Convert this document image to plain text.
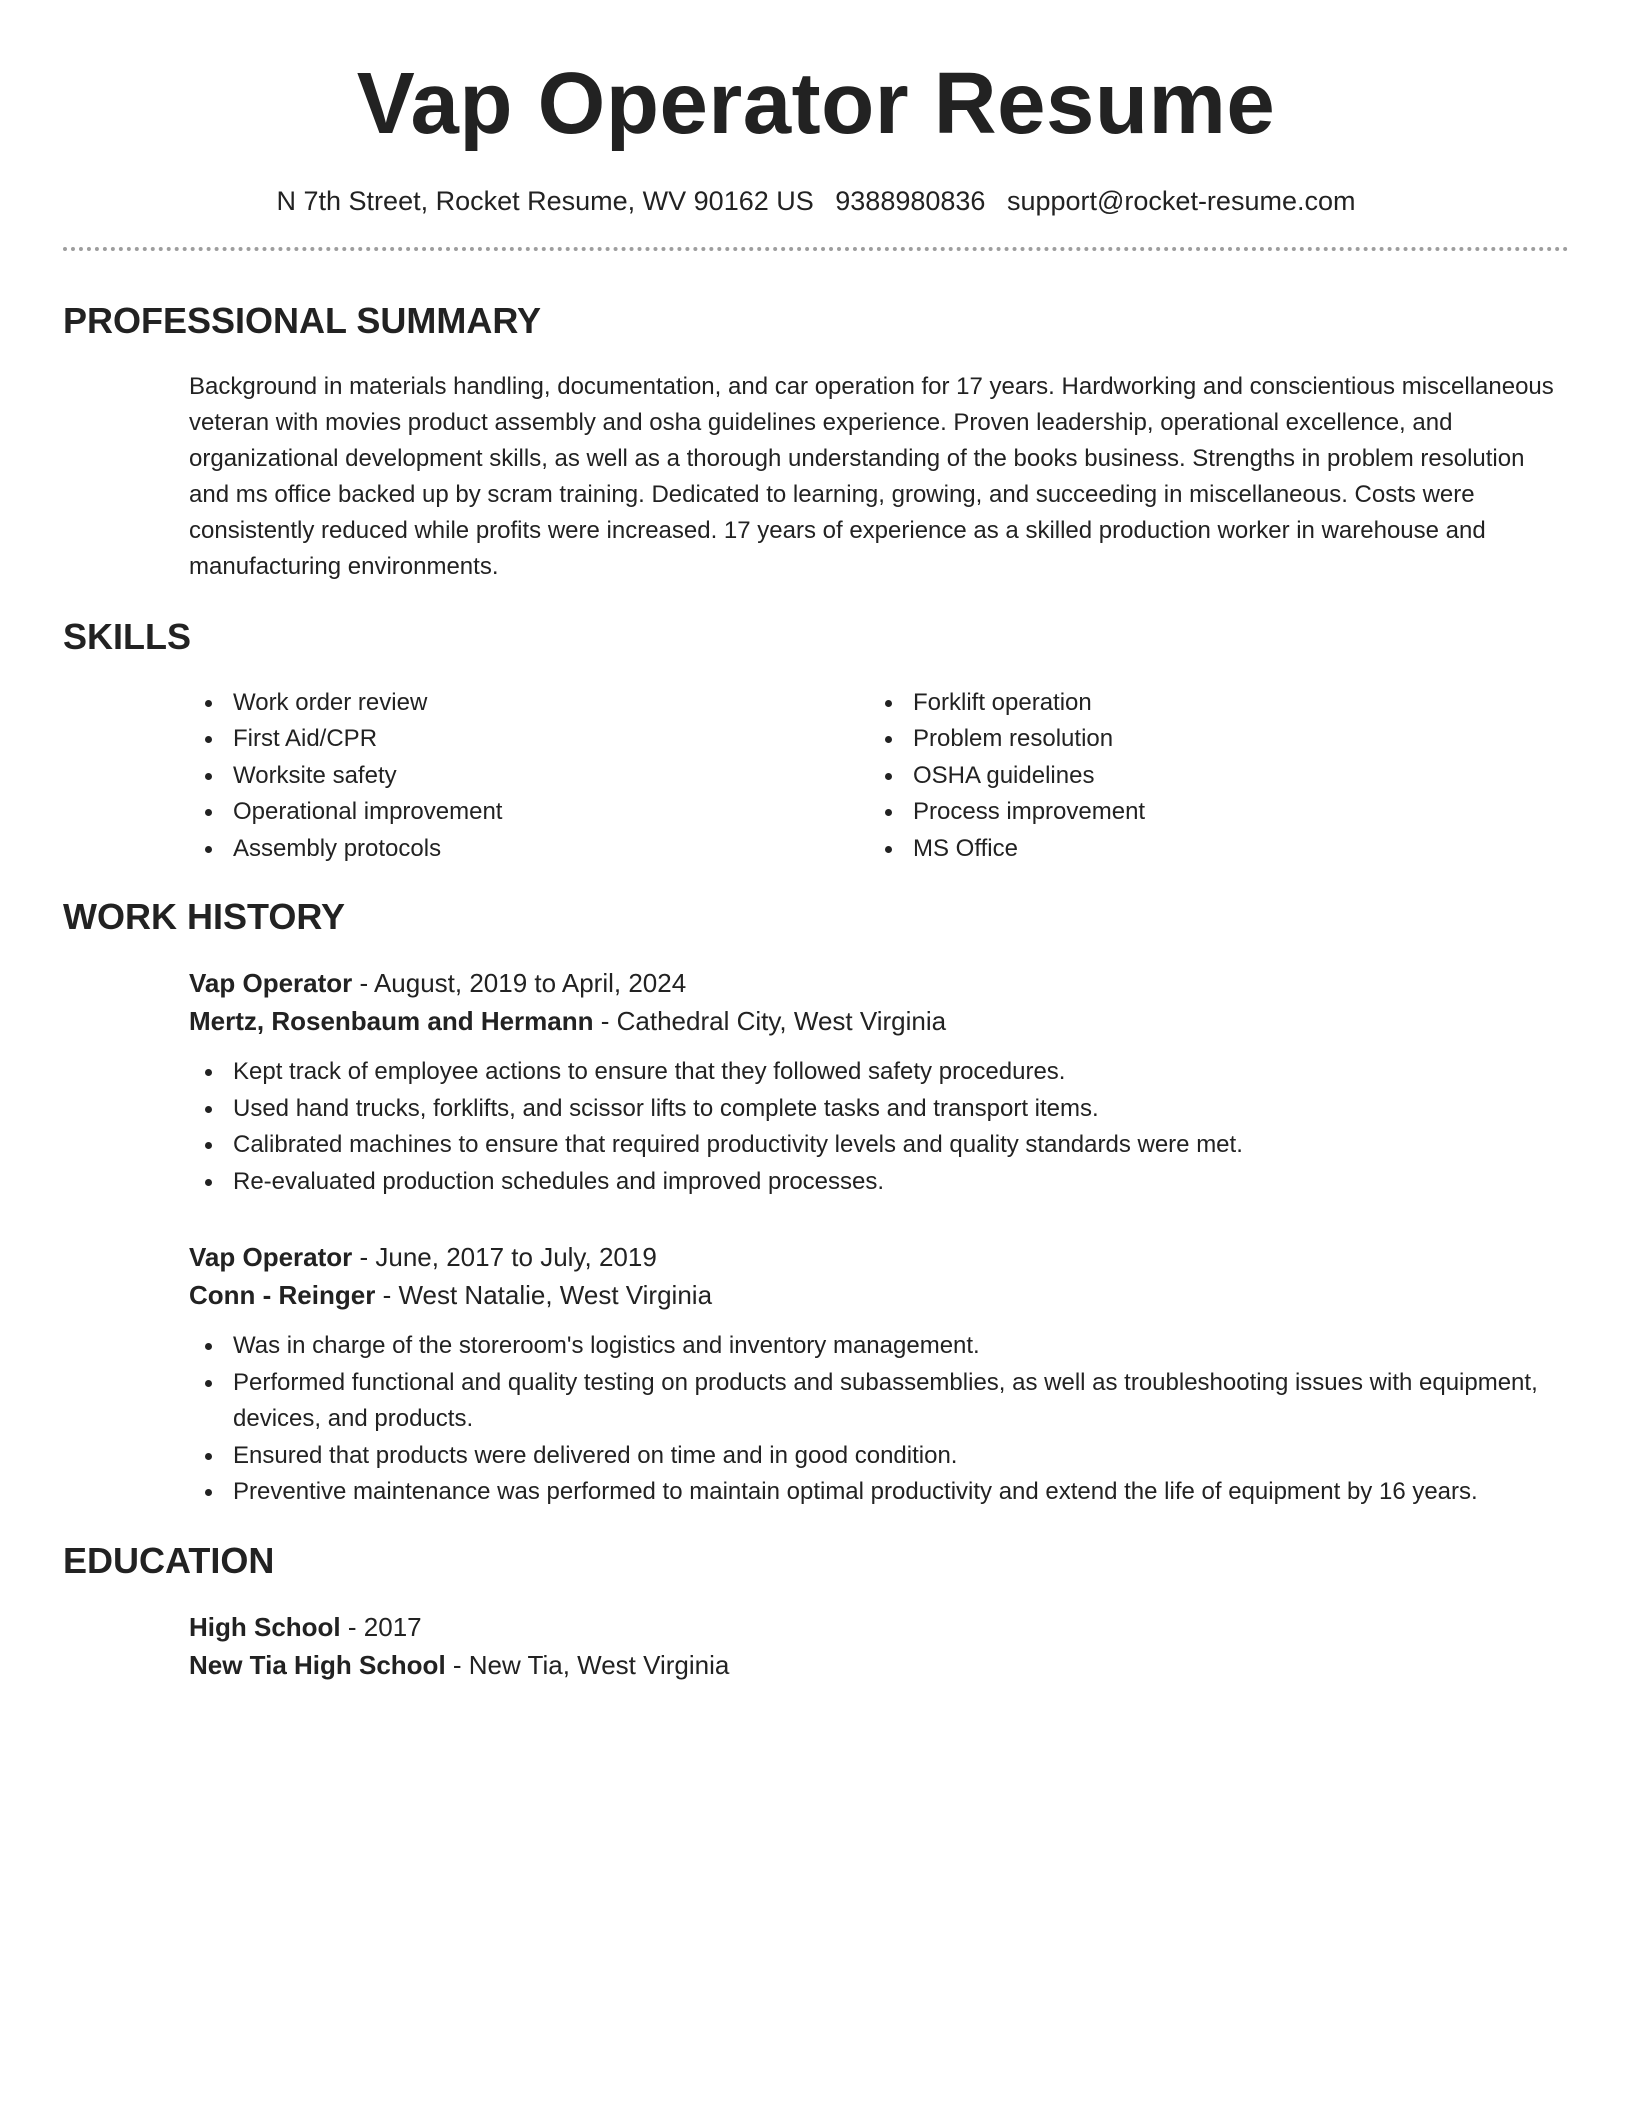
Vap Operator Resume
N 7th Street, Rocket Resume, WV 90162 US 9388980836 support@rocket-resume.com
PROFESSIONAL SUMMARY

Background in materials handling, documentation, and car operation for 17 years. Hardworking and conscientious miscellaneous veteran with movies product assembly and osha guidelines experience. Proven leadership, operational excellence, and organizational development skills, as well as a thorough understanding of the books business. Strengths in problem resolution and ms office backed up by scram training. Dedicated to learning, growing, and succeeding in miscellaneous. Costs were consistently reduced while profits were increased. 17 years of experience as a skilled production worker in warehouse and manufacturing environments.

SKILLS
Work order review
First Aid/CPR
Worksite safety
Operational improvement
Assembly protocols
Forklift operation
Problem resolution
OSHA guidelines
Process improvement
MS Office
WORK HISTORY
Vap Operator - August, 2019 to April, 2024
Mertz, Rosenbaum and Hermann - Cathedral City, West Virginia
Kept track of employee actions to ensure that they followed safety procedures.
Used hand trucks, forklifts, and scissor lifts to complete tasks and transport items.
Calibrated machines to ensure that required productivity levels and quality standards were met.
Re-evaluated production schedules and improved processes.
Vap Operator - June, 2017 to July, 2019
Conn - Reinger - West Natalie, West Virginia
Was in charge of the storeroom's logistics and inventory management.
Performed functional and quality testing on products and subassemblies, as well as troubleshooting issues with equipment, devices, and products.
Ensured that products were delivered on time and in good condition.
Preventive maintenance was performed to maintain optimal productivity and extend the life of equipment by 16 years.
EDUCATION
High School - 2017
New Tia High School - New Tia, West Virginia
